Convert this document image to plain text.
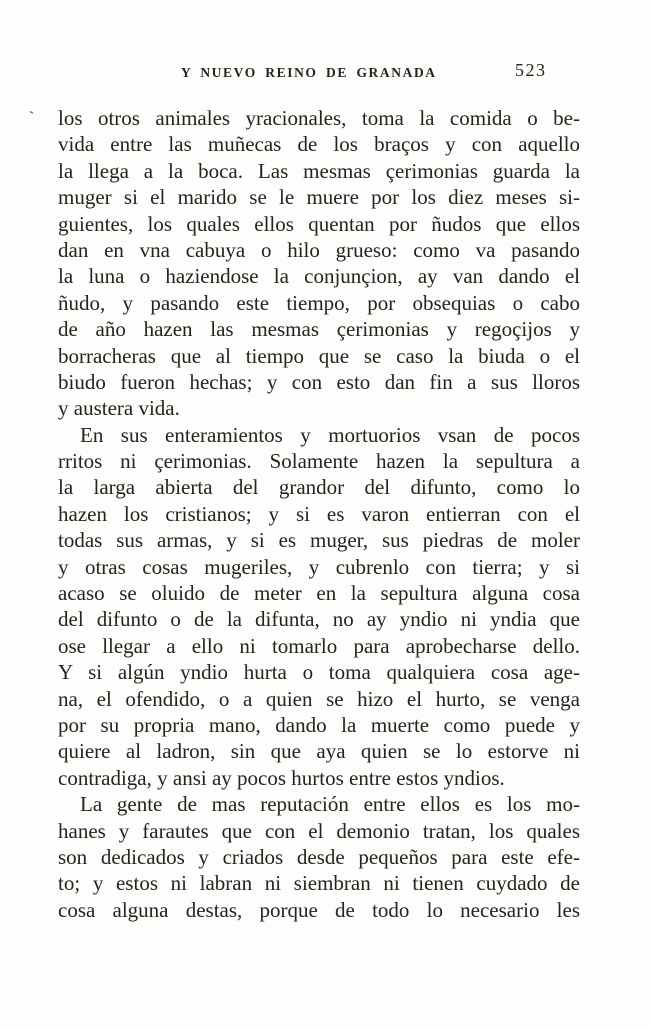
Y NUEVO REINO DE GRANADA	523
` los otros animales yracionales, toma la comida o be-
vida entre las muñecas de los braços y con aquello
la llega a la boca. Las mesmas çerimonias guarda la
muger si el marido se le muere por los diez meses si-
guientes, los quales ellos quentan por ñudos que ellos
dan en vna cabuya o hilo grueso: como va pasando
la luna o haziendose la conjunçion, ay van dando el
ñudo, y pasando este tiempo, por obsequias o cabo
de año hazen las mesmas çerimonias y regoçijos y
borracheras que al tiempo que se caso la biuda o el
biudo fueron hechas; y con esto dan fin a sus lloros
y austera vida.
En sus enteramientos y mortuorios vsan de pocos
rritos ni çerimonias. Solamente hazen la sepultura a
la larga abierta del grandor del difunto, como lo
hazen los cristianos; y si es varon entierran con el
todas sus armas, y si es muger, sus piedras de moler
y otras cosas mugeriles, y cubrenlo con tierra; y si
acaso se oluido de meter en la sepultura alguna cosa
del difunto o de la difunta, no ay yndio ni yndia que
ose llegar a ello ni tomarlo para aprobecharse dello.
Y si algún yndio hurta o toma qualquiera cosa age-
na, el ofendido, o a quien se hizo el hurto, se venga
por su propria mano, dando la muerte como puede y
quiere al ladron, sin que aya quien se lo estorve ni
contradiga, y ansi ay pocos hurtos entre estos yndios.
La gente de mas reputación entre ellos es los mo-
hanes y farautes que con el demonio tratan, los quales
son dedicados y criados desde pequeños para este efe-
to; y estos ni labran ni siembran ni tienen cuydado de
cosa alguna destas, porque de todo lo necesario les
